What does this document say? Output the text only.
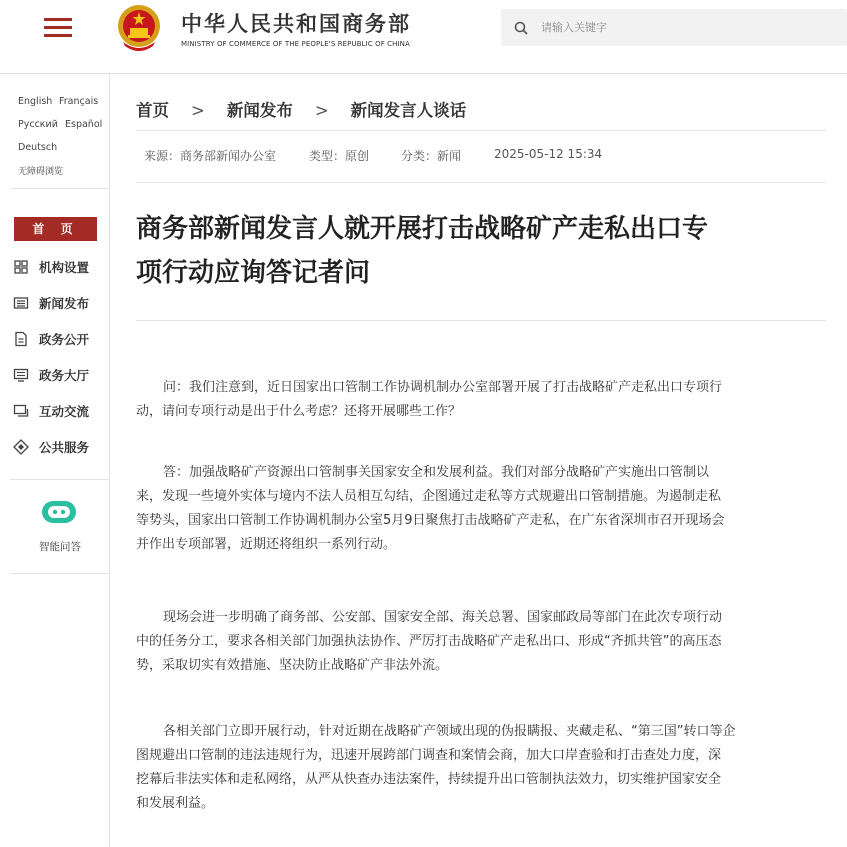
中华人民共和国商务部
MINISTRY OF COMMERCE OF THE PEOPLE'S REPUBLIC OF CHINA
请输入关键字
English Français
Русский Español
Deutsch
无障碍浏览
首 页
机构设置
新闻发布
政务公开
政务大厅
互动交流
公共服务
智能问答
首页 > 新闻发布 > 新闻发言人谈话
来源：商务部新闻办公室	类型：原创	分类：新闻	2025-05-12 15:34
商务部新闻发言人就开展打击战略矿产走私出口专
项行动应询答记者问
问：我们注意到，近日国家出口管制工作协调机制办公室部署开展了打击战略矿产走私出口专项行
动，请问专项行动是出于什么考虑？还将开展哪些工作？
答：加强战略矿产资源出口管制事关国家安全和发展利益。我们对部分战略矿产实施出口管制以
来，发现一些境外实体与境内不法人员相互勾结，企图通过走私等方式规避出口管制措施。为遏制走私
等势头，国家出口管制工作协调机制办公室5月9日聚焦打击战略矿产走私，在广东省深圳市召开现场会
并作出专项部署，近期还将组织一系列行动。
现场会进一步明确了商务部、公安部、国家安全部、海关总署、国家邮政局等部门在此次专项行动
中的任务分工，要求各相关部门加强执法协作、严厉打击战略矿产走私出口、形成“齐抓共管”的高压态
势，采取切实有效措施、坚决防止战略矿产非法外流。
各相关部门立即开展行动，针对近期在战略矿产领域出现的伪报瞒报、夹藏走私、“第三国”转口等企
图规避出口管制的违法违规行为，迅速开展跨部门调查和案情会商，加大口岸查验和打击查处力度，深
挖幕后非法实体和走私网络，从严从快查办违法案件，持续提升出口管制执法效力，切实维护国家安全
和发展利益。
